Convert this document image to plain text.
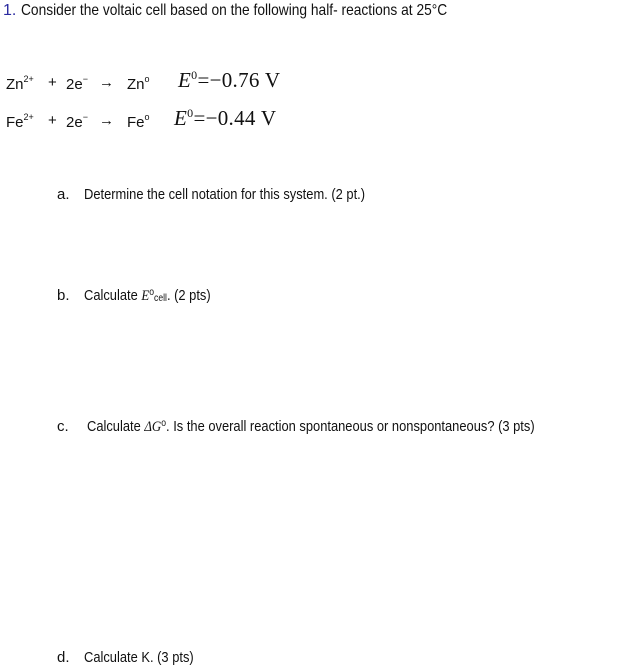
1. Consider the voltaic cell based on the following half- reactions at 25°C
$Zn^{2+} + 2e^- \to Zn^o$ $E^0=-0.76$ V
$Fe^{2+} + 2e^- \to Fe^o$ $E^0=-0.44$ V
a. Determine the cell notation for this system. (2 pt.)
b. Calculate $E^o_{cell}$. (2 pts)
c. Calculate $\Delta G^o$. Is the overall reaction spontaneous or nonspontaneous? (3 pts)
d. Calculate K. (3 pts)
